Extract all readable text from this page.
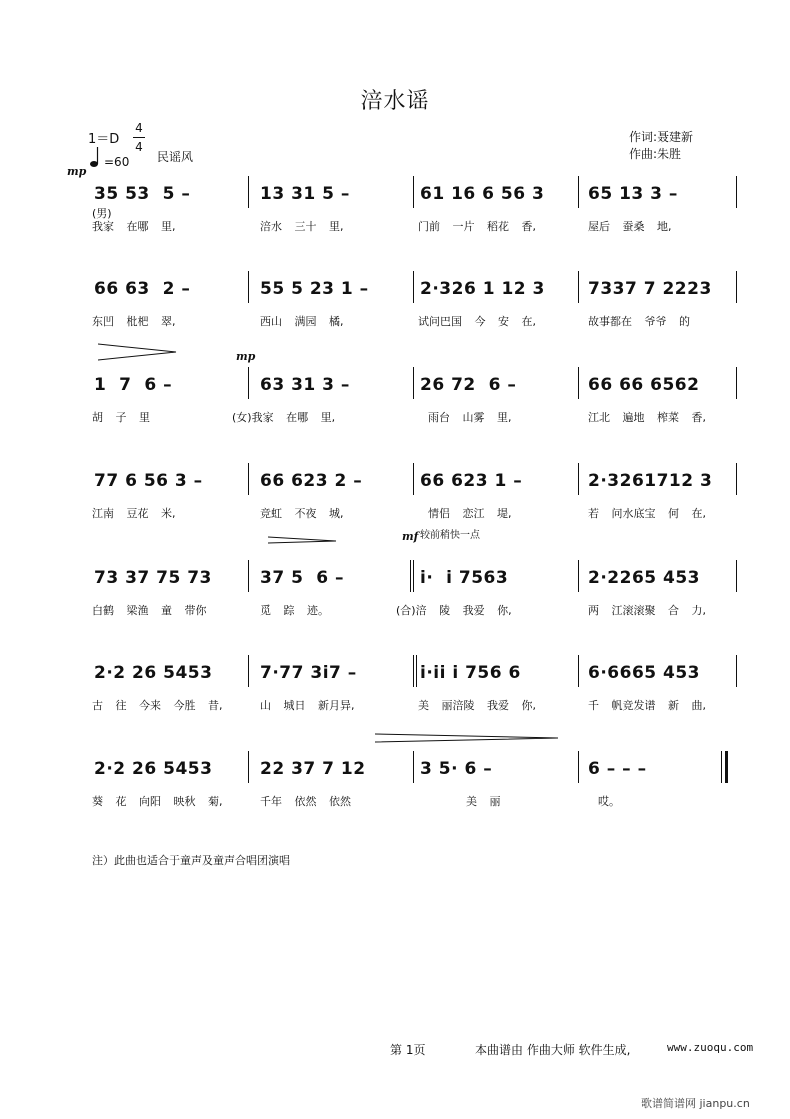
涪水谣
1＝D
4
4
=60 民谣风
作词:聂建新
作曲:朱胜
mp
(男)
mp
mf 较前稍快一点
35 53  5 –	13 31 5 –	61 16 6 56 3	65 13 3 –
我家 在哪 里,	涪水 三十 里,	门前 一片 稻花 香,	屋后 蚕桑 地,
66 63  2 –	55 5 23 1 –	2·326 1 12 3	7337 7 2223
东凹 枇杷 翠,	西山 满园 橘,	试问巴国 今 安 在,	故事都在 爷爷 的
1  7  6 –	63 31 3 –	26 72  6 –	66 66 6562
胡 子 里	(女)我家 在哪 里,	雨台 山雾 里,	江北 遍地 榨菜 香,
77 6 56 3 –	66 623 2 –	66 623 1 –	2·3261712 3
江南 豆花 米,	竞虹 不夜 城,	情侣 恋江 堤,	若 问水底宝 何 在,
73 37 75 73	37 5  6 –	i·  i 7563	2·2265 453
白鹤 梁渔 童 带你	觅 踪 迹。	(合)涪 陵 我爱 你,	两 江滚滚聚 合 力,
2·2 26 5453	7·77 3i7 –	i·ii i 756 6	6·6665 453
古 往 今来 今胜 昔,	山 城日 新月异,	美 丽涪陵 我爱 你,	千 帆竞发谱 新 曲,
2·2 26 5453	22 37 7 12	3 5· 6 –	6 – – –
葵 花 向阳 映秋 菊,	千年 依然 依然	美 丽	哎。
注）此曲也适合于童声及童声合唱团演唱
第 1页	本曲谱由 作曲大师 软件生成,	www.zuoqu.com
歌谱简谱网 jianpu.cn
